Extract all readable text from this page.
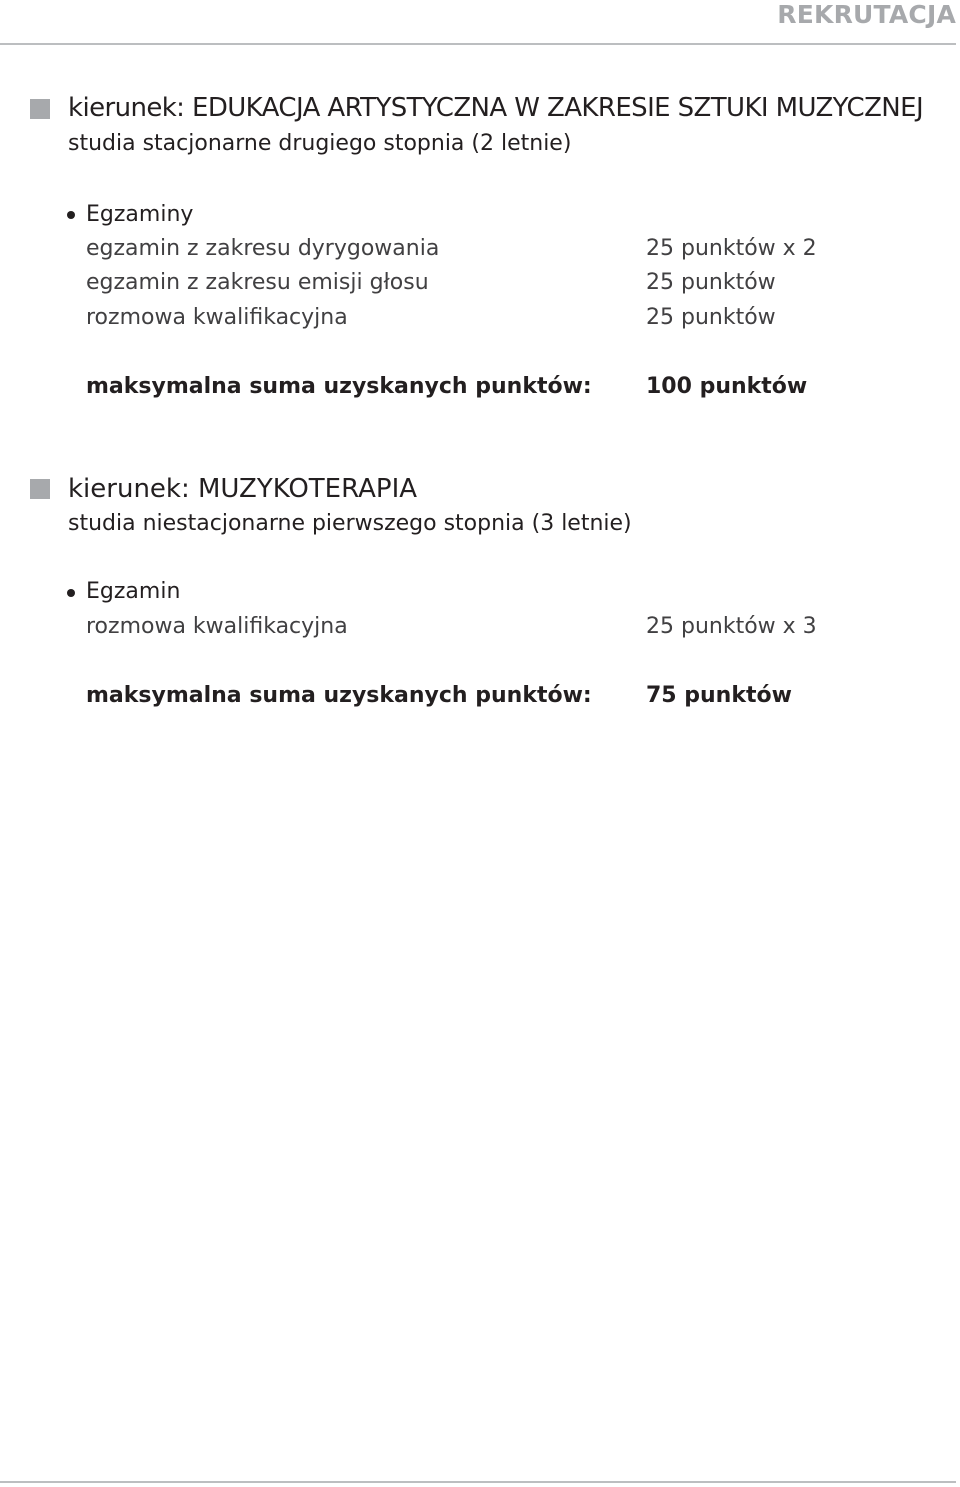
REKRUTACJA
kierunek: EDUKACJA ARTYSTYCZNA W ZAKRESIE SZTUKI MUZYCZNEJ
studia stacjonarne drugiego stopnia (2 letnie)
Egzaminy
egzamin z zakresu dyrygowania	25 punktów x 2
egzamin z zakresu emisji głosu	25 punktów
rozmowa kwalifikacyjna	25 punktów
maksymalna suma uzyskanych punktów: 100 punktów
kierunek: MUZYKOTERAPIA
studia niestacjonarne pierwszego stopnia (3 letnie)
Egzamin
rozmowa kwalifikacyjna	25 punktów x 3
maksymalna suma uzyskanych punktów: 75 punktów
